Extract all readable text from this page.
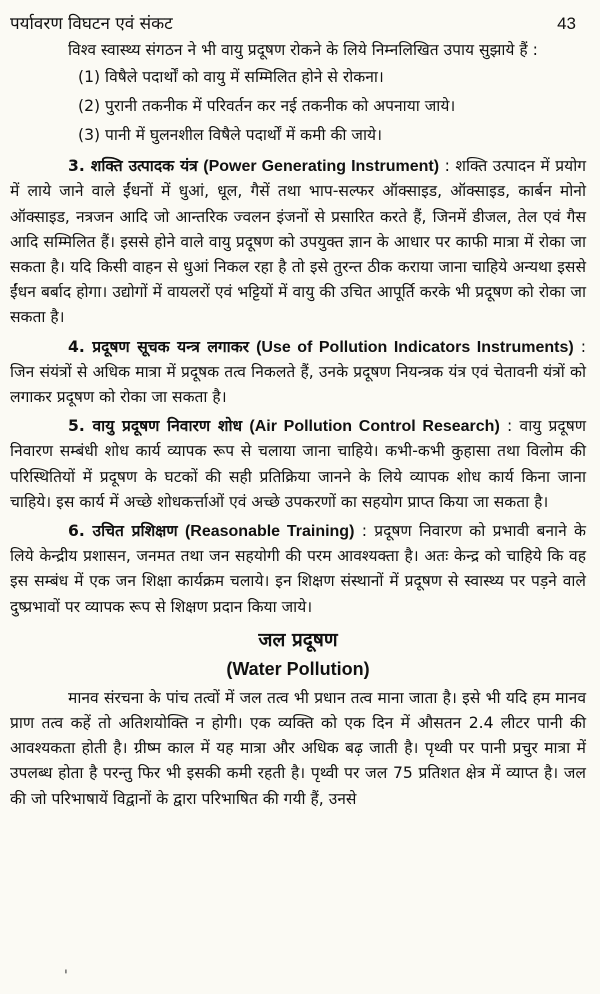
पर्यावरण विघटन एवं संकट	43

विश्व स्वास्थ्य संगठन ने भी वायु प्रदूषण रोकने के लिये निम्नलिखित उपाय सुझाये हैं :

(1) विषैले पदार्थों को वायु में सम्मिलित होने से रोकना।
(2) पुरानी तकनीक में परिवर्तन कर नई तकनीक को अपनाया जाये।
(3) पानी में घुलनशील विषैले पदार्थों में कमी की जाये।

3. शक्ति उत्पादक यंत्र (Power Generating Instrument) : शक्ति उत्पादन में प्रयोग में लाये जाने वाले ईंधनों में धुआं, धूल, गैसें तथा भाप-सल्फर ऑक्साइड, ऑक्साइड, कार्बन मोनो ऑक्साइड, नत्रजन आदि जो आन्तरिक ज्वलन इंजनों से प्रसारित करते हैं, जिनमें डीजल, तेल एवं गैस आदि सम्मिलित हैं। इससे होने वाले वायु प्रदूषण को उपयुक्त ज्ञान के आधार पर काफी मात्रा में रोका जा सकता है। यदि किसी वाहन से धुआं निकल रहा है तो इसे तुरन्त ठीक कराया जाना चाहिये अन्यथा इससे ईंधन बर्बाद होगा। उद्योगों में वायलरों एवं भट्टियों में वायु की उचित आपूर्ति करके भी प्रदूषण को रोका जा सकता है।

4. प्रदूषण सूचक यन्त्र लगाकर (Use of Pollution Indicators Instruments) : जिन संयंत्रों से अधिक मात्रा में प्रदूषक तत्व निकलते हैं, उनके प्रदूषण नियन्त्रक यंत्र एवं चेतावनी यंत्रों को लगाकर प्रदूषण को रोका जा सकता है।

5. वायु प्रदूषण निवारण शोध (Air Pollution Control Research) : वायु प्रदूषण निवारण सम्बंधी शोध कार्य व्यापक रूप से चलाया जाना चाहिये। कभी-कभी कुहासा तथा विलोम की परिस्थितियों में प्रदूषण के घटकों की सही प्रतिक्रिया जानने के लिये व्यापक शोध कार्य किना जाना चाहिये। इस कार्य में अच्छे शोधकर्त्ताओं एवं अच्छे उपकरणों का सहयोग प्राप्त किया जा सकता है।

6. उचित प्रशिक्षण (Reasonable Training) : प्रदूषण निवारण को प्रभावी बनाने के लिये केन्द्रीय प्रशासन, जनमत तथा जन सहयोगी की परम आवश्यक्ता है। अतः केन्द्र को चाहिये कि वह इस सम्बंध में एक जन शिक्षा कार्यक्रम चलाये। इन शिक्षण संस्थानों में प्रदूषण से स्वास्थ्य पर पड़ने वाले दुष्प्रभावों पर व्यापक रूप से शिक्षण प्रदान किया जाये।

जल प्रदूषण
(Water Pollution)

मानव संरचना के पांच तत्वों में जल तत्व भी प्रधान तत्व माना जाता है। इसे भी यदि हम मानव प्राण तत्व कहें तो अतिशयोक्ति न होगी। एक व्यक्ति को एक दिन में औसतन 2.4 लीटर पानी की आवश्यकता होती है। ग्रीष्म काल में यह मात्रा और अधिक बढ़ जाती है। पृथ्वी पर पानी प्रचुर मात्रा में उपलब्ध होता है परन्तु फिर भी इसकी कमी रहती है। पृथ्वी पर जल 75 प्रतिशत क्षेत्र में व्याप्त है। जल की जो परिभाषायें विद्वानों के द्वारा परिभाषित की गयी हैं, उनसे

'
